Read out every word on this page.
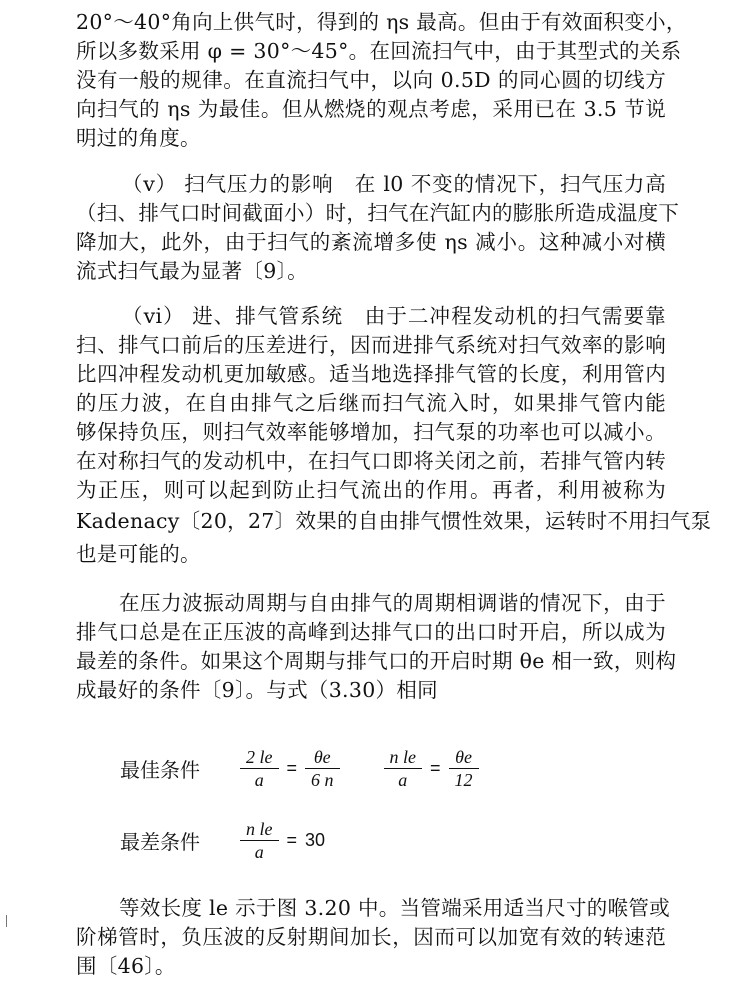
20°～40°角向上供气时，得到的 ηs 最高。但由于有效面积变小，
所以多数采用 φ = 30°～45°。在回流扫气中，由于其型式的关系
没有一般的规律。在直流扫气中，以向 0.5D 的同心圆的切线方
向扫气的 ηs 为最佳。但从燃烧的观点考虑，采用已在 3.5 节说
明过的角度。
（v） 扫气压力的影响　在 l0 不变的情况下，扫气压力高
（扫、排气口时间截面小）时，扫气在汽缸内的膨胀所造成温度下
降加大，此外，由于扫气的紊流增多使 ηs 减小。这种减小对横
流式扫气最为显著〔9〕。
（vi） 进、排气管系统　由于二冲程发动机的扫气需要靠
扫、排气口前后的压差进行，因而进排气系统对扫气效率的影响
比四冲程发动机更加敏感。适当地选择排气管的长度，利用管内
的压力波，在自由排气之后继而扫气流入时，如果排气管内能
够保持负压，则扫气效率能够增加，扫气泵的功率也可以减小。
在对称扫气的发动机中，在扫气口即将关闭之前，若排气管内转
为正压，则可以起到防止扫气流出的作用。再者，利用被称为
Kadenacy〔20，27〕效果的自由排气惯性效果，运转时不用扫气泵
也是可能的。
在压力波振动周期与自由排气的周期相调谐的情况下，由于
排气口总是在正压波的高峰到达排气口的出口时开启，所以成为
最差的条件。如果这个周期与排气口的开启时期 θe 相一致，则构
成最好的条件〔9〕。与式（3.30）相同
最佳条件	$\frac{2 le}{a} = \frac{\theta e}{6 n} \frac{\text{n le}}{a} = \frac{\theta e}{12}$
最差条件	$\frac{\text{n le}}{a} = 30$
等效长度 le 示于图 3.20 中。当管端采用适当尺寸的喉管或
阶梯管时，负压波的反射期间加长，因而可以加宽有效的转速范
围〔46〕。
